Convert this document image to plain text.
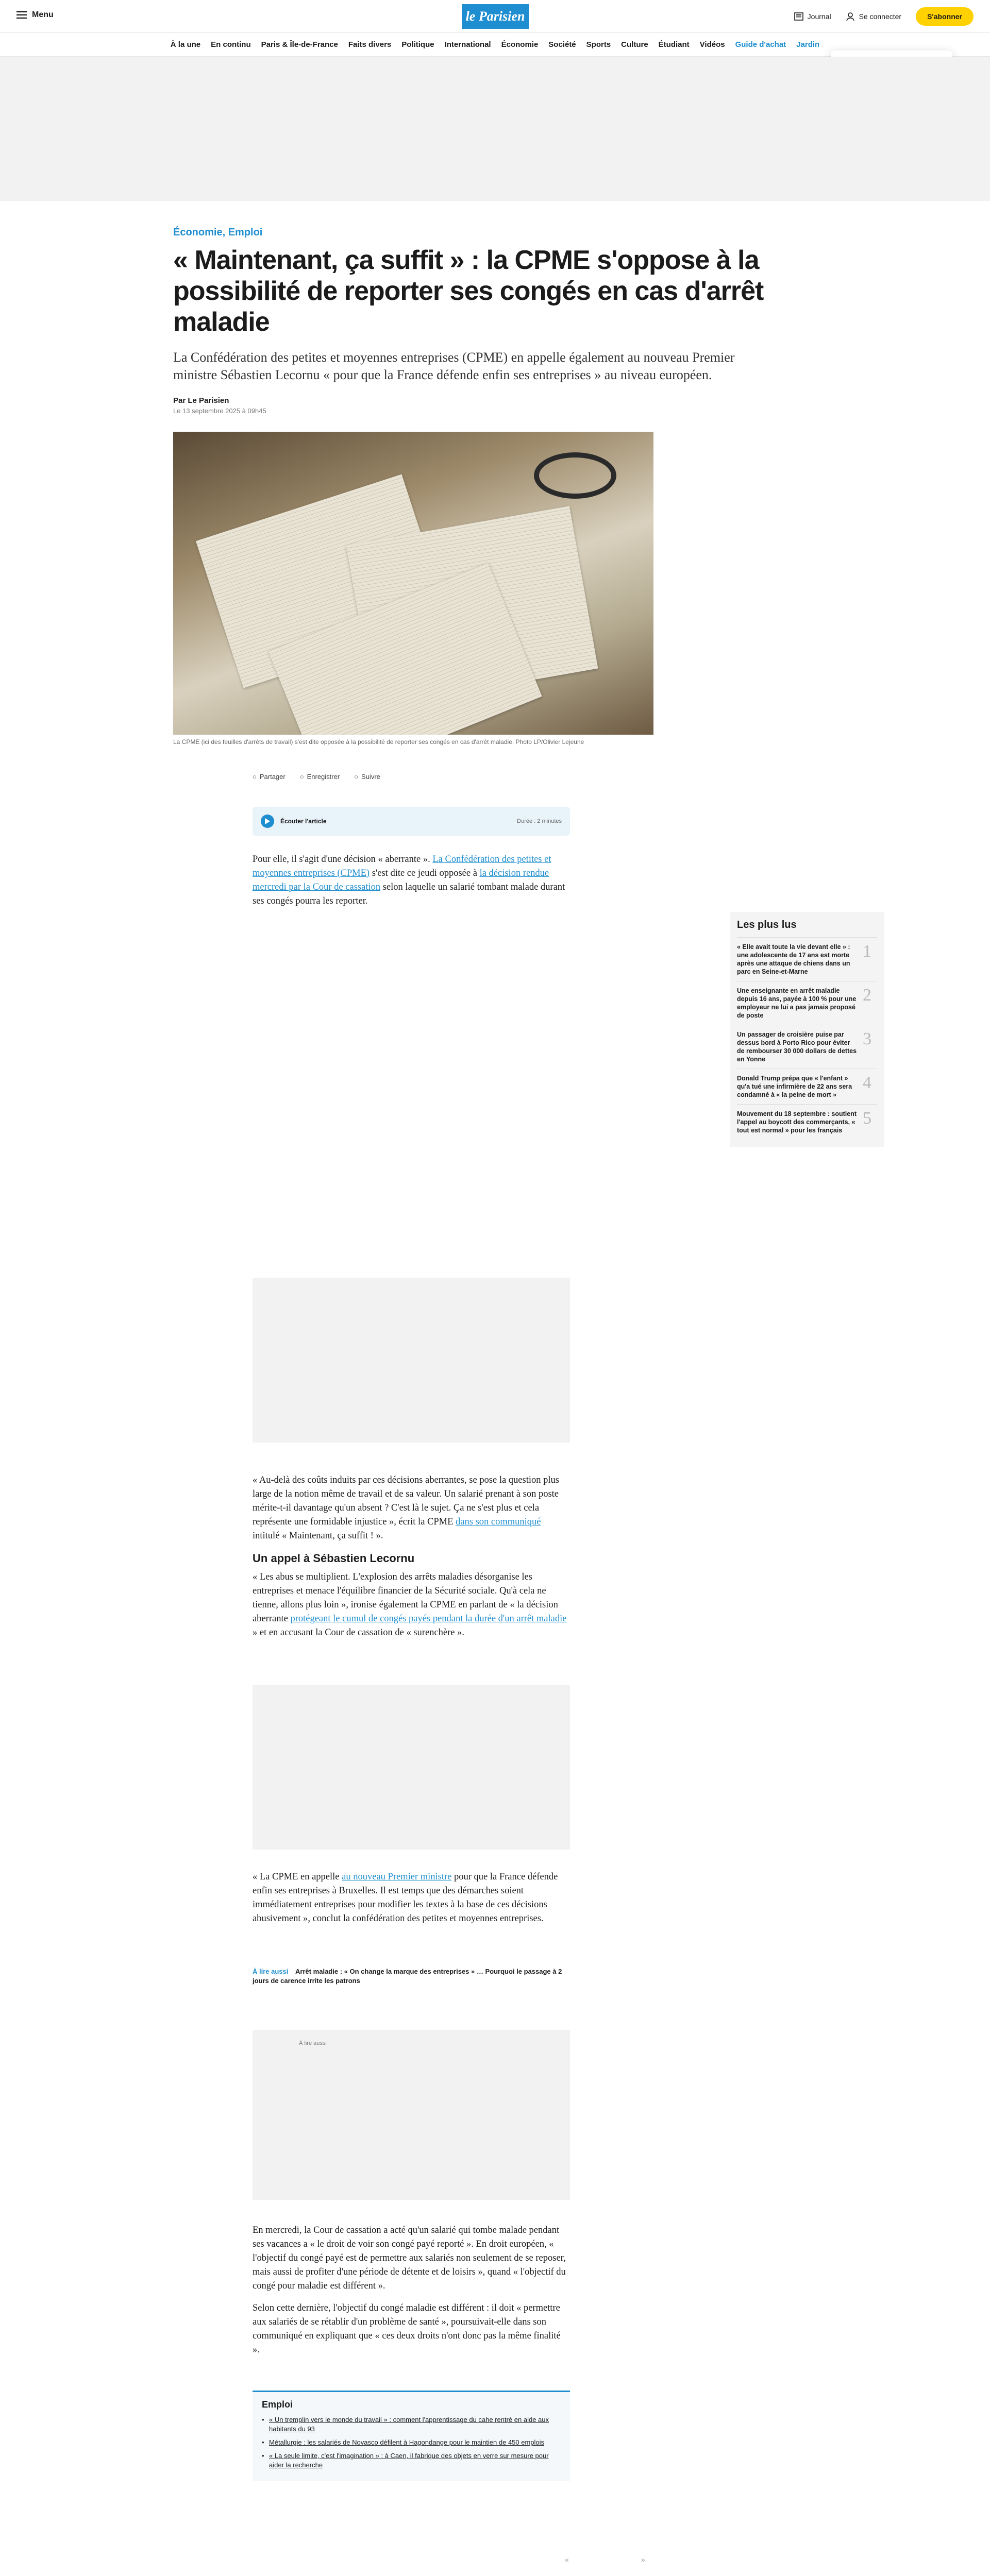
Menu	le Parisien	Journal	Se connecter	S'abonner
À la une En continu Paris & Île-de-France Faits divers Politique International Économie Société Sports Culture Étudiant Vidéos Guide d'achat Jardin
Économie, Emploi
« Maintenant, ça suffit » : la CPME s'oppose à la possibilité de reporter ses congés en cas d'arrêt maladie
La Confédération des petites et moyennes entreprises (CPME) en appelle également au nouveau Premier ministre Sébastien Lecornu « pour que la France défende enfin ses entreprises » au niveau européen.
Par Le Parisien
Le 13 septembre 2025 à 09h45
La CPME (ici des feuilles d'arrêts de travail) s'est dite opposée à la possibilité de reporter ses congés en cas d'arrêt maladie. Photo LP/Olivier Lejeune
○ Partager ○ Enregistrer ○ Suivre
Écouter l'article	Durée : 2 minutes

Pour elle, il s'agit d'une décision « aberrante ». La Confédération des petites et moyennes entreprises (CPME) s'est dite ce jeudi opposée à la décision rendue mercredi par la Cour de cassation selon laquelle un salarié tombant malade durant ses congés pourra les reporter.

« Au-delà des coûts induits par ces décisions aberrantes, se pose la question plus large de la notion même de travail et de sa valeur. Un salarié prenant à son poste mérite-t-il davantage qu'un absent ? C'est là le sujet. Ça ne s'est plus et cela représente une formidable injustice », écrit la CPME dans son communiqué intitulé « Maintenant, ça suffit ! ».

Un appel à Sébastien Lecornu

« Les abus se multiplient. L'explosion des arrêts maladies désorganise les entreprises et menace l'équilibre financier de la Sécurité sociale. Qu'à cela ne tienne, allons plus loin », ironise également la CPME en parlant de « la décision aberrante protégeant le cumul de congés payés pendant la durée d'un arrêt maladie » et en accusant la Cour de cassation de « surenchère ».

« La CPME en appelle au nouveau Premier ministre pour que la France défende enfin ses entreprises à Bruxelles. Il est temps que des démarches soient immédiatement entreprises pour modifier les textes à la base de ces décisions abusivement », conclut la confédération des petites et moyennes entreprises.

À lire aussi Arrêt maladie : « On change la marque des entreprises » … Pourquoi le passage à 2 jours de carence irrite les patrons
À lire aussi

En mercredi, la Cour de cassation a acté qu'un salarié qui tombe malade pendant ses vacances a « le droit de voir son congé payé reporté ». En droit européen, « l'objectif du congé payé est de permettre aux salariés non seulement de se reposer, mais aussi de profiter d'une période de détente et de loisirs », quand « l'objectif du congé pour maladie est différent ».

Selon cette dernière, l'objectif du congé maladie est différent : il doit « permettre aux salariés de se rétablir d'un problème de santé », poursuivait-elle dans son communiqué en expliquant que « ces deux droits n'ont donc pas la même finalité ».

Les plus lus
« Elle avait toute la vie devant elle » : une adolescente de 17 ans est morte après une attaque de chiens dans un parc en Seine-et-Marne
1
Une enseignante en arrêt maladie depuis 16 ans, payée à 100 % pour une employeur ne lui a pas jamais proposé de poste
2
Un passager de croisière puise par dessus bord à Porto Rico pour éviter de rembourser 30 000 dollars de dettes en Yonne
3
Donald Trump prépa que « l'enfant » qu'a tué une infirmière de 22 ans sera condamné à « la peine de mort »
4
Mouvement du 18 septembre : soutient l'appel au boycott des commerçants, « tout est normal » pour les français
5
Emploi
• « Un tremplin vers le monde du travail » : comment l'apprentissage du cahe rentré en aide aux habitants du 93
• Métallurgie : les salariés de Novasco défilent à Hagondange pour le maintien de 450 emplois
• « La seule limite, c'est l'imagination » : à Caen, il fabrique des objets en verre sur mesure pour aider la recherche
«	»
